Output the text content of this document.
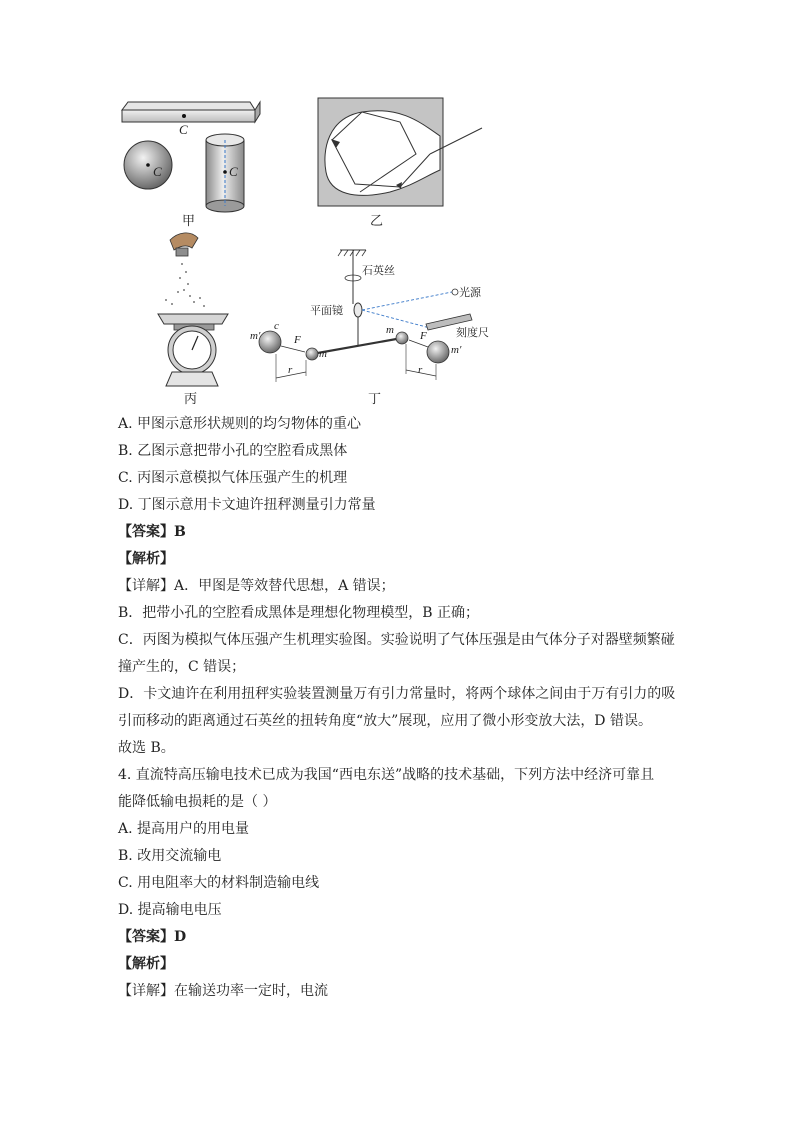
C
C	C
甲	乙
丙	丁
石英丝
平面镜
光源
刻度尺
m′
c
F
m
m F
m′
r	r
A. 甲图示意形状规则的均匀物体的重心
B. 乙图示意把带小孔的空腔看成黑体
C. 丙图示意模拟气体压强产生的机理
D. 丁图示意用卡文迪许扭秤测量引力常量
【答案】B
【解析】
【详解】A．甲图是等效替代思想，A 错误；
B．把带小孔的空腔看成黑体是理想化物理模型，B 正确；
C．丙图为模拟气体压强产生机理实验图。实验说明了气体压强是由气体分子对器壁频繁碰
撞产生的，C 错误；
D．卡文迪许在利用扭秤实验装置测量万有引力常量时，将两个球体之间由于万有引力的吸
引而移动的距离通过石英丝的扭转角度“放大”展现，应用了微小形变放大法，D 错误。
故选 B。
4. 直流特高压输电技术已成为我国“西电东送”战略的技术基础，下列方法中经济可靠且
能降低输电损耗的是（ ）
A. 提高用户的用电量
B. 改用交流输电
C. 用电阻率大的材料制造输电线
D. 提高输电电压
【答案】D
【解析】
【详解】在输送功率一定时，电流
